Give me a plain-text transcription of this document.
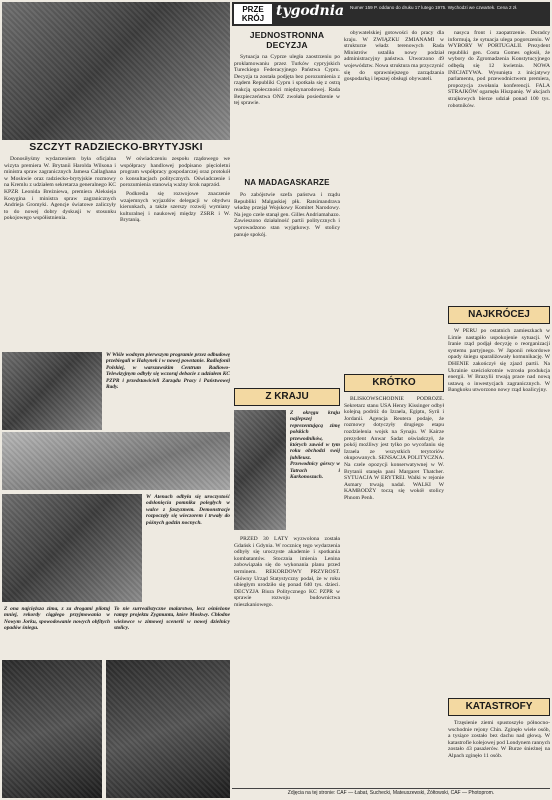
SZCZYT RADZIECKO-BRYTYJSKI

Donosiłyśmy wydarzeniem była oficjalna wizyta premiera W. Brytanii Harolda Wilsona i ministra spraw zagranicznych Jamesa Callaghana w Moskwie oraz radziecko-brytyjskie rozmowy na Kremlu z udziałem sekretarza generalnego KC KPZR Leonida Breżniewa, premiera Aleksieja Kosygina i ministra spraw zagranicznych Andrieja Gromyki. Agencje światowe zaliczyły to do nowej dobry dyskusji w stosunku pokojowego współistnienia.

W oświadczeniu zespołu rządowego we współpracy handlowej podpisano pięcioletni program współpracy gospodarczej oraz protokół o konsultacjach politycznych. Oświadczenie i porozumienia stanowią ważny krok naprzód.

Podkreśla się rozwojowe znaczenie wzajemnych wyjazdów delegacji w obydwu kierunkach, a także szerszy rozwój wymiany kulturalnej i naukowej między ZSRR i W. Brytanią.

W Wiśle wodnym pierwszym programie przez odbudowę przebiegali w Halsynek i w nowej powstanie. Radiofonii Polskiej, w warszawskim Centrum Radiowo-Telewizyjnym odbyły się wczoraj debacie z udziałem KC PZPR i przedstawicieli Zarządu Pracy i Państwowej Rady.
W Atenach odbyła się uroczystość odsłonięcia pomnika poległych w walce z faszyzmem. Demonstracje rozpoczęły się wieczorem i trwały do późnych godzin nocnych.
Z ona najcięższa zima, z za drogami pilotuj mniej, rekordy ciągłego przyjmowania w Nowym Jorku, spowodowanie nowych obfitych opadów śniegu.
To nie surrealistyczne malarstwo, lecz ośnieżone rampy projektu Zygmunta, które Moskwy. Chłodne wieżowce w zimowej scenerii w nowej dzielnicy stolicy.
PRZE KRÓJ tygodnia Numer 159 P. oddano do druku 17 lutego 1975. Wychodzi we czwartek. Cena 2 zł.
JEDNOSTRONNA DECYZJA

Sytuacja na Cyprze uległa zaostrzeniu po proklamowaniu przez Turków cypryjskich Tureckiego Federacyjnego Państwa Cypru. Decyzja ta została podjęta bez porozumienia z rządem Republiki Cypru i spotkała się z ostrą reakcją społeczności międzynarodowej. Rada Bezpieczeństwa ONZ zwołała posiedzenie w tej sprawie.

NA MADAGASKARZE

Po zabójstwie szefa państwa i rządu Republiki Malgaskiej płk. Ratsimandrava władzę przejął Wojskowy Komitet Narodowy. Na jego czele stanął gen. Gilles Andriamahazo. Zawieszono działalność partii politycznych i wprowadzono stan wyjątkowy. W stolicy panuje spokój.

Z KRAJU
Z okręgu kraju najlepszej reprezentującą zimę polskich przewodników, których zawód w tym roku obchodzi swój jubileusz. Przewodnicy górscy w Tatrach i Karkonoszach.

PRZED 30 LATY wyzwolona została Gdańsk i Gdynia. W rocznicę tego wydarzenia odbyły się uroczyste akademie i spotkania kombatantów. Stocznia imienia Lenina zobowiązała się do wykonania planu przed terminem. REKORDOWY PRZYROST. Główny Urząd Statystyczny podał, że w roku ubiegłym urodziło się ponad 640 tys. dzieci. DECYZJA Biura Politycznego KC PZPR w sprawie rozwoju budownictwa mieszkaniowego.

obywatelskiej gotowości do pracy dla kraju. W ZWIĄZKU ZMIANAMI w strukturze władz terenowych Rada Ministrów ustaliła nowy podział administracyjny państwa. Utworzono 49 województw. Nowa struktura ma przyczynić się do sprawniejszego zarządzania gospodarką i lepszej obsługi obywateli.

KRÓTKO

BLISKOWSCHODNIE PODRÓŻE. Sekretarz stanu USA Henry Kissinger odbył kolejną podróż do Izraela, Egiptu, Syrii i Jordanii. Agencja Reutera podaje, że rozmowy dotyczyły drugiego etapu rozdzielenia wojsk na Synaju. W Kairze prezydent Anwar Sadat oświadczył, że pokój możliwy jest tylko po wycofaniu się Izraela ze wszystkich terytoriów okupowanych. SENSACJA POLITYCZNA. Na czele opozycji konserwatywnej w W. Brytanii stanęła pani Margaret Thatcher. SYTUACJA W ERYTREI. Walki w rejonie Asmary trwają nadal. WALKI W KAMBODŻY toczą się wokół stolicy Phnom Penh.

nasyca front i zaopatrzenie. Doradcy informują, że sytuacja ulega pogorszeniu. W WYBORY W PORTUGALII. Prezydent republiki gen. Costa Gomes ogłosił, że wybory do Zgromadzenia Konstytucyjnego odbędą się 12 kwietnia. NOWA INICJATYWA. Wysunięta z inicjatywy parlamentu, pod przewodnictwem premiera, propozycja zwołania konferencji. FALA STRAJKÓW ogarnęła Hiszpanię. W akcjach strajkowych bierze udział ponad 100 tys. robotników.

NAJKRÓCEJ

W PERU po ostatnich zamieszkach w Limie nastąpiło uspokojenie sytuacji. W Iranie rząd podjął decyzję o reorganizacji systemu partyjnego. W Japonii rekordowe opady śniegu sparaliżowały komunikację. W DHENIE zakończył się zjazd partii. Na Ukrainie sześciokrotnie wzrosła produkcja energii. W Brazylii trwają prace nad nową ustawą o inwestycjach zagranicznych. W Bangkoku utworzono nowy rząd koalicyjny.

KATASTROFY

Trzęsienie ziemi spustoszyło północno-wschodnie rejony Chin. Zginęło wiele osób, a tysiące zostało bez dachu nad głową. W katastrofie kolejowej pod Londynem rannych zostało 43 pasażerów. W Burze śnieżnej na Alpach zginęło 11 osób.

Zdjęcia na tej stronie: CAF — Łabat, Suchecki, Mateuszewski, Żółtowski, CAF — Photoprom.
